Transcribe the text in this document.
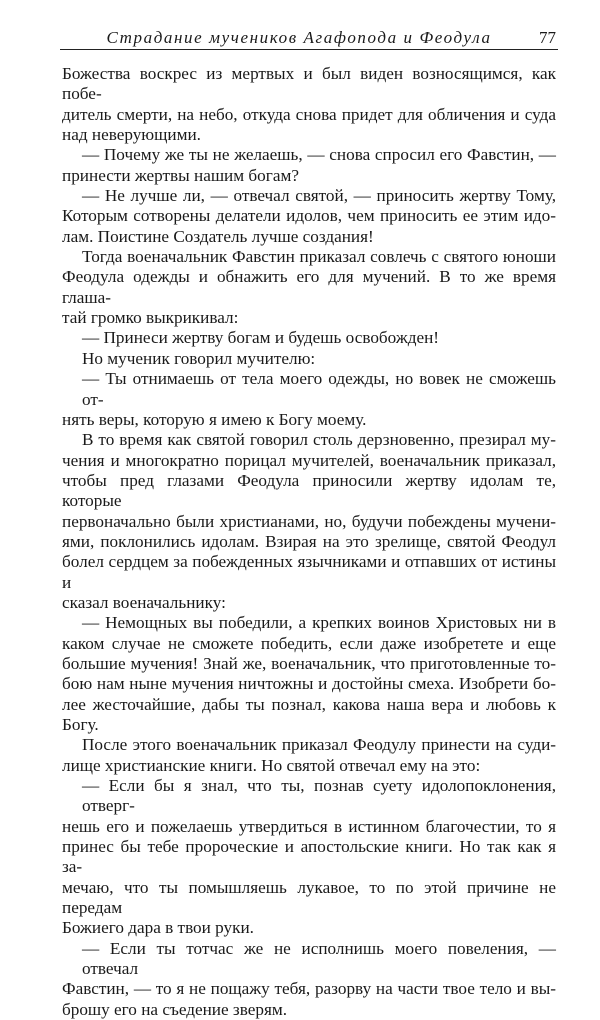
Страдание мучеников Агафопода и Феодула	77
Божества воскрес из мертвых и был виден возносящимся, как побе-
дитель смерти, на небо, откуда снова придет для обличения и суда
над неверующими.
— Почему же ты не желаешь, — снова спросил его Фавстин, —
принести жертвы нашим богам?
— Не лучше ли, — отвечал святой, — приносить жертву Тому,
Которым сотворены делатели идолов, чем приносить ее этим идо-
лам. Поистине Создатель лучше создания!
Тогда военачальник Фавстин приказал совлечь с святого юноши
Феодула одежды и обнажить его для мучений. В то же время глаша-
тай громко выкрикивал:
— Принеси жертву богам и будешь освобожден!
Но мученик говорил мучителю:
— Ты отнимаешь от тела моего одежды, но вовек не сможешь от-
нять веры, которую я имею к Богу моему.
В то время как святой говорил столь дерзновенно, презирал му-
чения и многократно порицал мучителей, военачальник приказал,
чтобы пред глазами Феодула приносили жертву идолам те, которые
первоначально были христианами, но, будучи побеждены мучени-
ями, поклонились идолам. Взирая на это зрелище, святой Феодул
болел сердцем за побежденных язычниками и отпавших от истины и
сказал военачальнику:
— Немощных вы победили, а крепких воинов Христовых ни в
каком случае не сможете победить, если даже изобретете и еще
большие мучения! Знай же, военачальник, что приготовленные то-
бою нам ныне мучения ничтожны и достойны смеха. Изобрети бо-
лее жесточайшие, дабы ты познал, какова наша вера и любовь к
Богу.
После этого военачальник приказал Феодулу принести на суди-
лище христианские книги. Но святой отвечал ему на это:
— Если бы я знал, что ты, познав суету идолопоклонения, отверг-
нешь его и пожелаешь утвердиться в истинном благочестии, то я
принес бы тебе пророческие и апостольские книги. Но так как я за-
мечаю, что ты помышляешь лукавое, то по этой причине не передам
Божиего дара в твои руки.
— Если ты тотчас же не исполнишь моего повеления, — отвечал
Фавстин, — то я не пощажу тебя, разорву на части твое тело и вы-
брошу его на съедение зверям.
